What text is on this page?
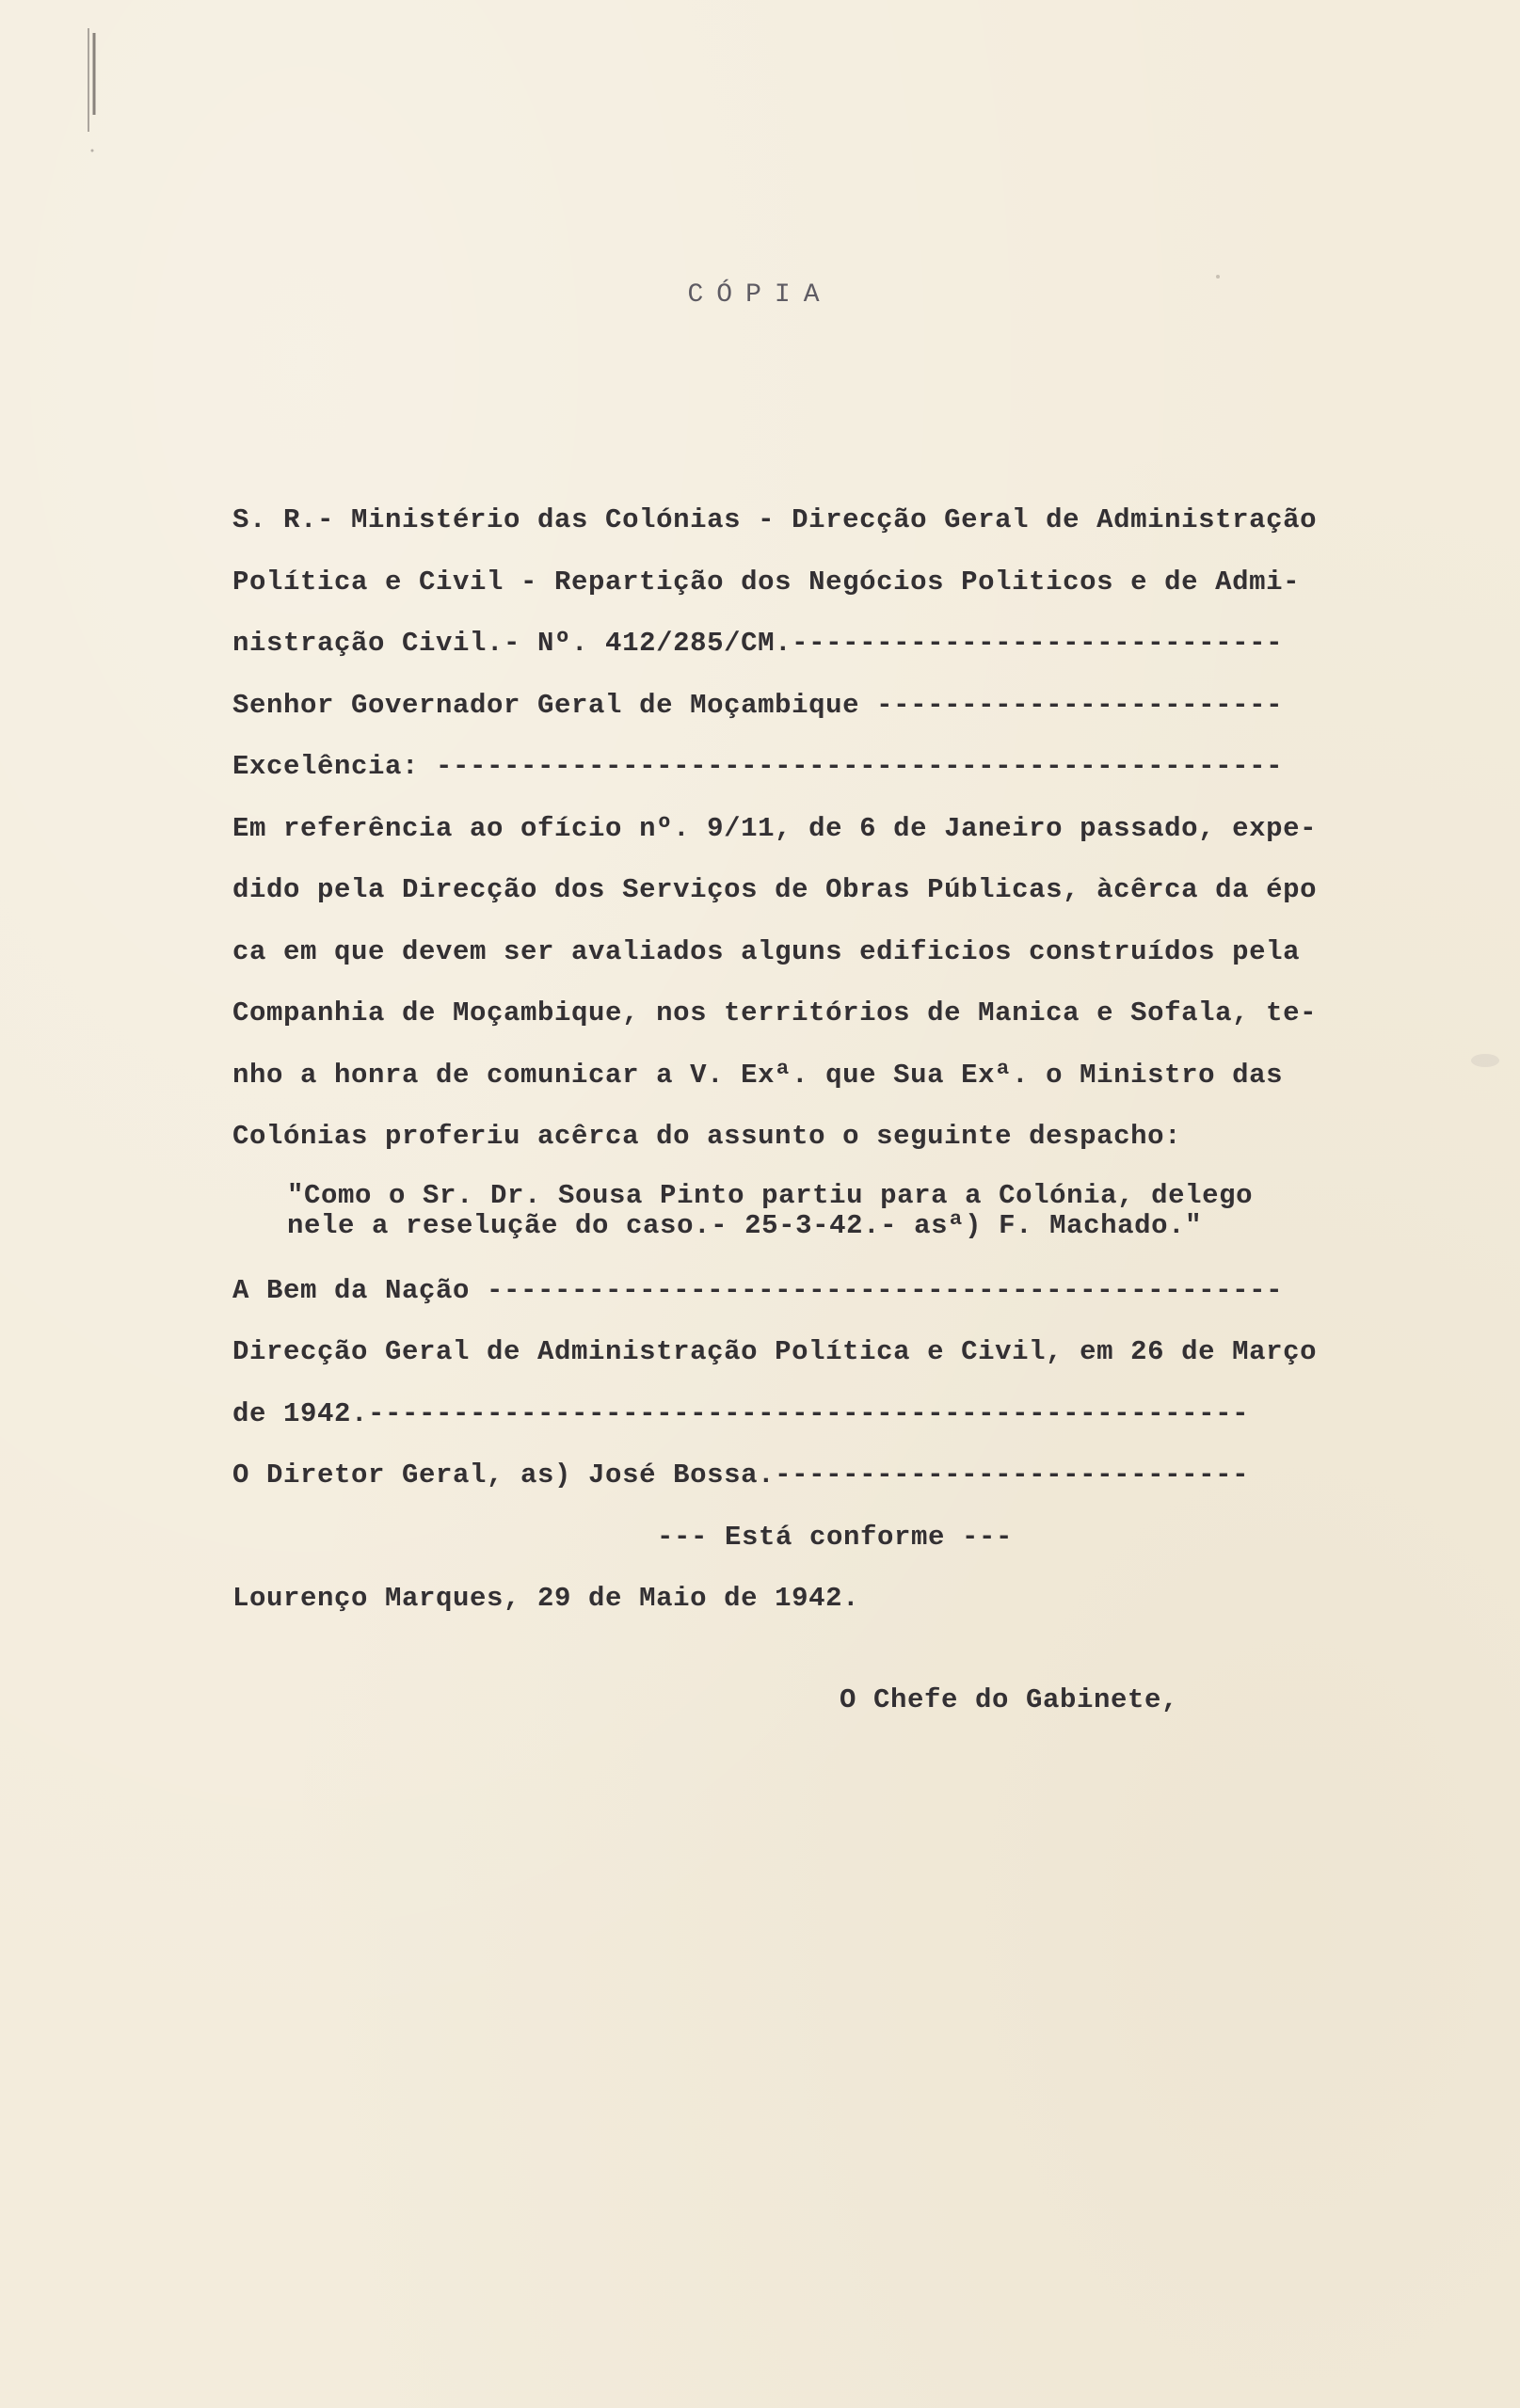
CÓPIA
S. R.- Ministério das Colónias - Direcção Geral de Administração
Política e Civil - Repartição dos Negócios Politicos e de Admi-
nistração Civil.- Nº. 412/285/CM.-----------------------------
Senhor Governador Geral de Moçambique ------------------------
Excelência: --------------------------------------------------
Em referência ao ofício nº. 9/11, de 6 de Janeiro passado, expe-
dido pela Direcção dos Serviços de Obras Públicas, àcêrca da épo
ca em que devem ser avaliados alguns edificios construídos pela
Companhia de Moçambique, nos territórios de Manica e Sofala, te-
nho a honra de comunicar a V. Exª. que Sua Exª. o Ministro das
Colónias proferiu acêrca do assunto o seguinte despacho:
"Como o Sr. Dr. Sousa Pinto partiu para a Colónia, delego
nele a reseluçãe do caso.- 25-3-42.- asª) F. Machado."
A Bem da Nação -----------------------------------------------
Direcção Geral de Administração Política e Civil, em 26 de Março
de 1942.----------------------------------------------------
O Diretor Geral, as) José Bossa.----------------------------
--- Está conforme ---
Lourenço Marques, 29 de Maio de 1942.
O Chefe do Gabinete,
